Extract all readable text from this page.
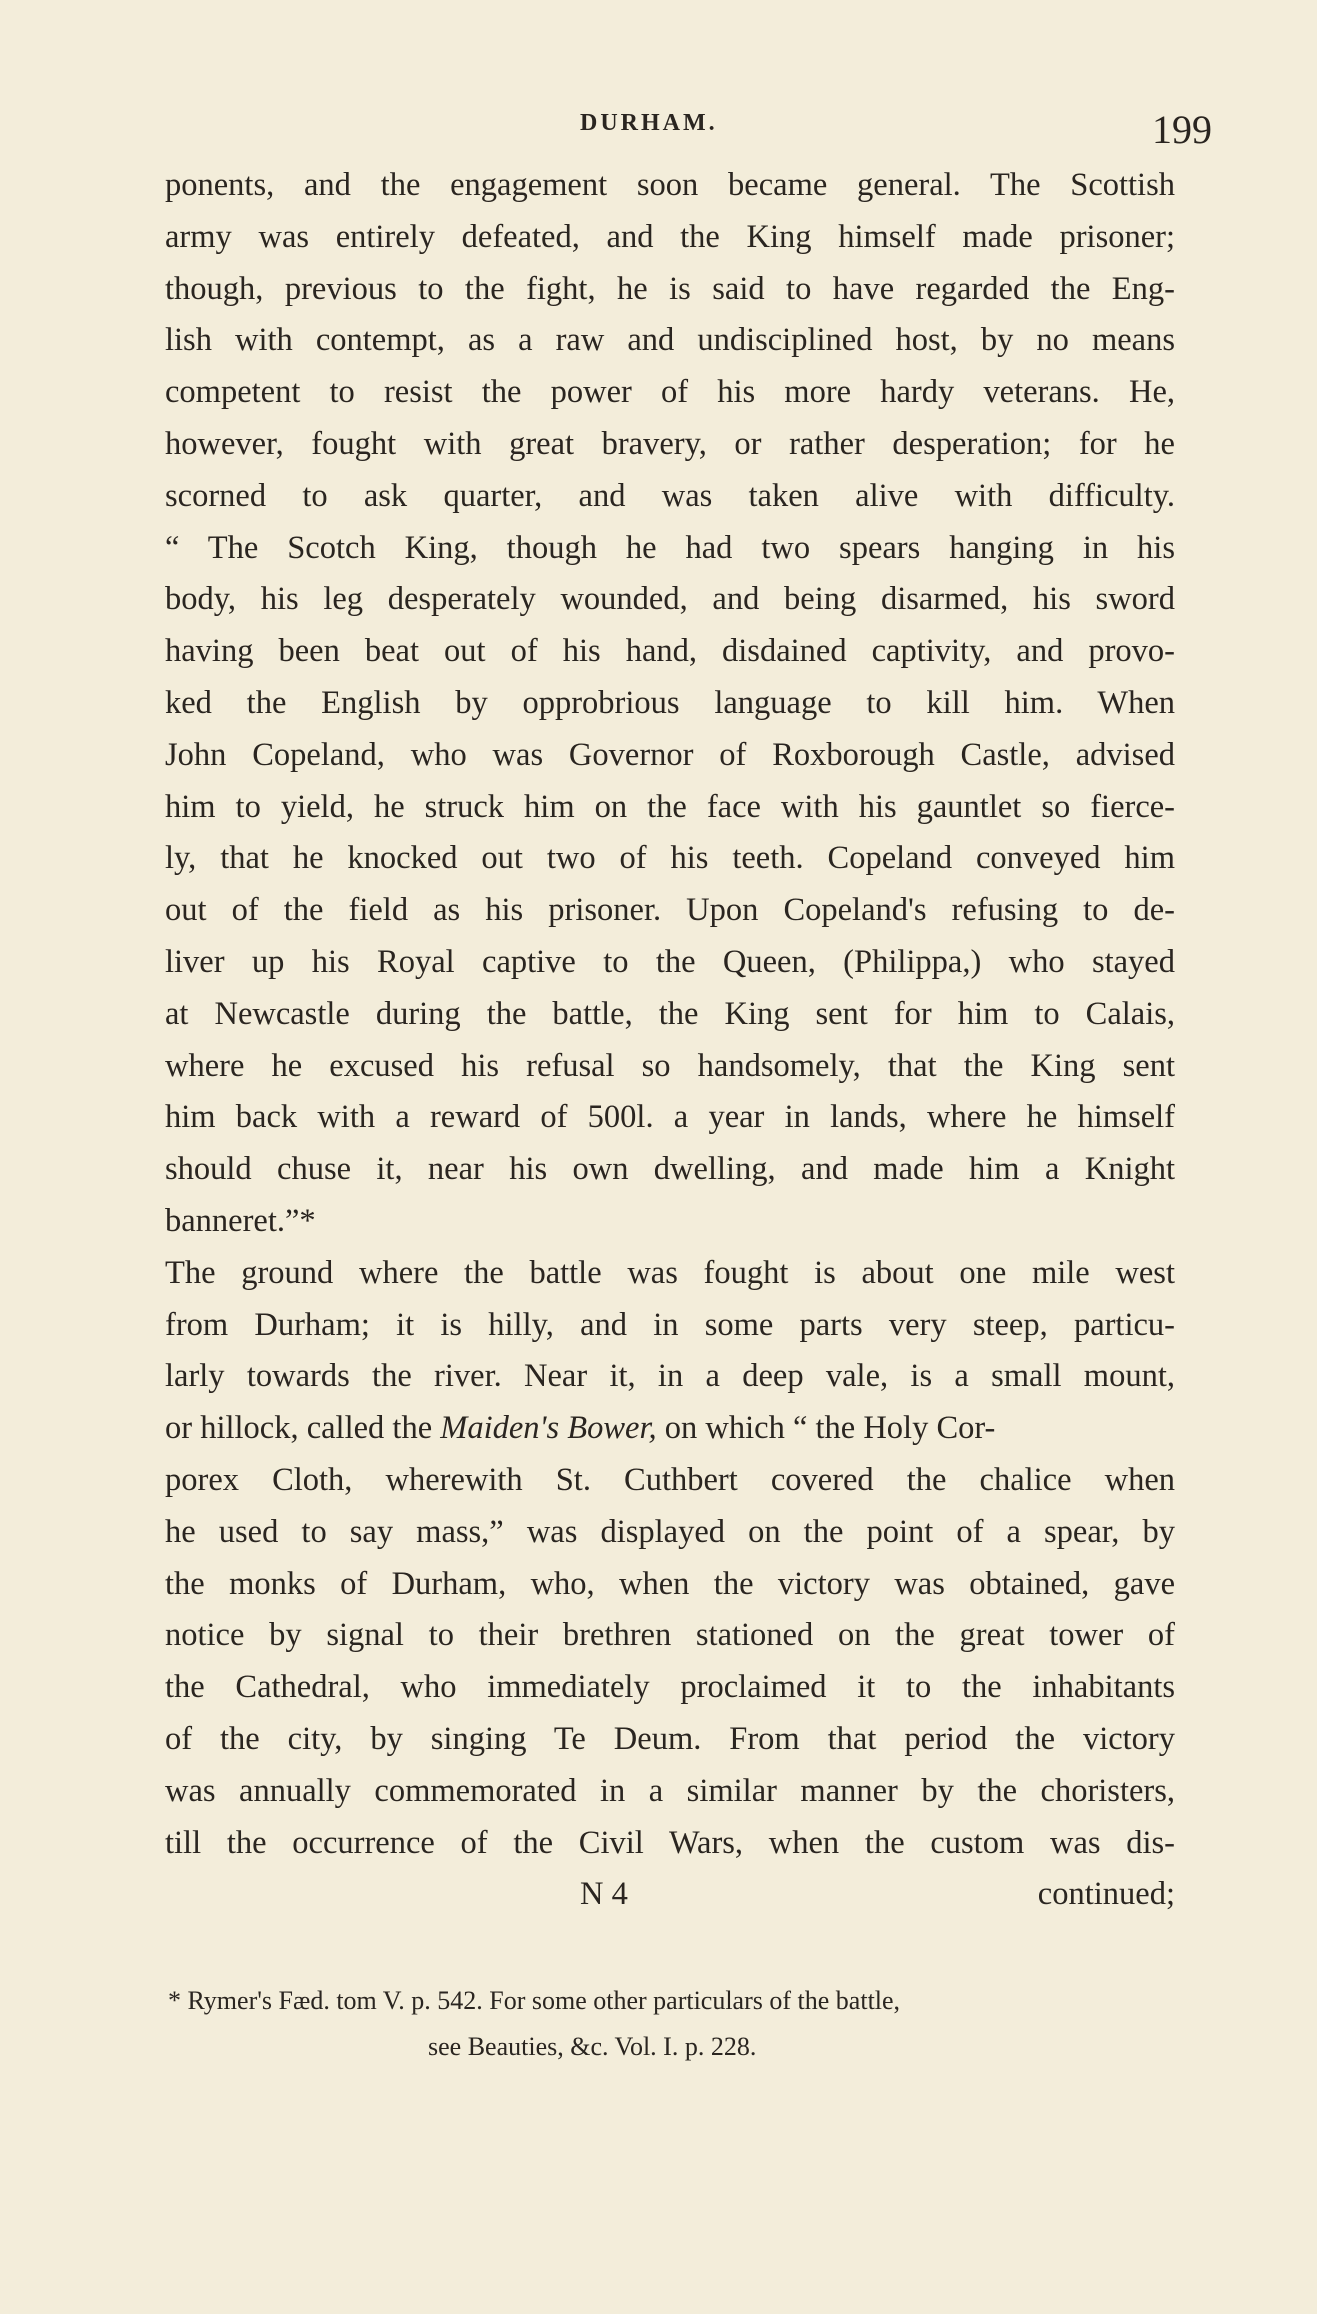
DURHAM.	199
ponents, and the engagement soon became general. The Scottish
army was entirely defeated, and the King himself made prisoner;
though, previous to the fight, he is said to have regarded the Eng-
lish with contempt, as a raw and undisciplined host, by no means
competent to resist the power of his more hardy veterans. He,
however, fought with great bravery, or rather desperation; for he
scorned to ask quarter, and was taken alive with difficulty.
“ The Scotch King, though he had two spears hanging in his
body, his leg desperately wounded, and being disarmed, his sword
having been beat out of his hand, disdained captivity, and provo-
ked the English by opprobrious language to kill him. When
John Copeland, who was Governor of Roxborough Castle, advised
him to yield, he struck him on the face with his gauntlet so fierce-
ly, that he knocked out two of his teeth. Copeland conveyed him
out of the field as his prisoner. Upon Copeland's refusing to de-
liver up his Royal captive to the Queen, (Philippa,) who stayed
at Newcastle during the battle, the King sent for him to Calais,
where he excused his refusal so handsomely, that the King sent
him back with a reward of 500l. a year in lands, where he himself
should chuse it, near his own dwelling, and made him a Knight
banneret.”*
The ground where the battle was fought is about one mile west
from Durham; it is hilly, and in some parts very steep, particu-
larly towards the river. Near it, in a deep vale, is a small mount,
or hillock, called the Maiden's Bower, on which “ the Holy Cor-
porex Cloth, wherewith St. Cuthbert covered the chalice when
he used to say mass,” was displayed on the point of a spear, by
the monks of Durham, who, when the victory was obtained, gave
notice by signal to their brethren stationed on the great tower of
the Cathedral, who immediately proclaimed it to the inhabitants
of the city, by singing Te Deum. From that period the victory
was annually commemorated in a similar manner by the choristers,
till the occurrence of the Civil Wars, when the custom was dis-
N 4	continued;
* Rymer's Fæd. tom V. p. 542. For some other particulars of the battle,
see Beauties, &c. Vol. I. p. 228.
